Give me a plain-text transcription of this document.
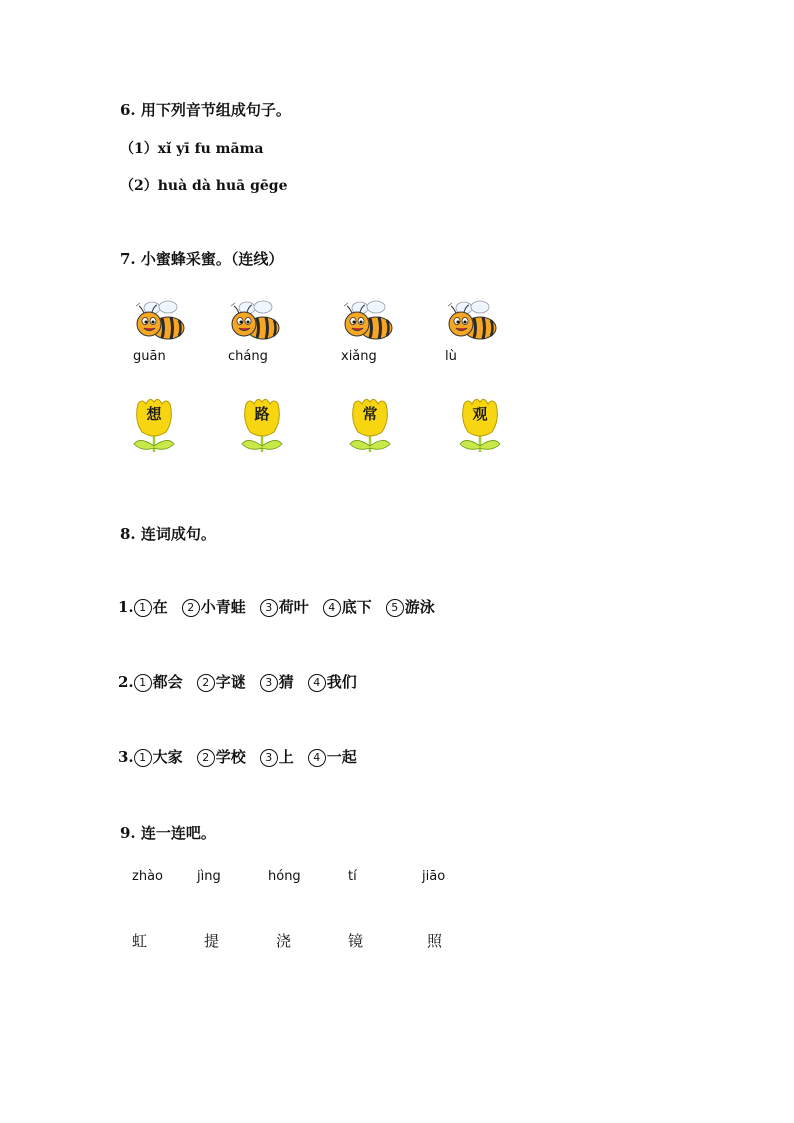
6. 用下列音节组成句子。
（1）xǐ yī fu māma
（2）huà dà huā gēge
7. 小蜜蜂采蜜。（连线）
guān	cháng	xiǎng	lù
想	路	常	观
8. 连词成句。
1. 1 在 2 小青蛙 3 荷叶 4 底下 5 游泳
2. 1 都会 2 字谜 3 猜 4 我们
3. 1 大家 2 学校 3 上 4 一起
9. 连一连吧。
zhào	jìng	hóng	tí	jiāo
虹	提	浇	镜	照
